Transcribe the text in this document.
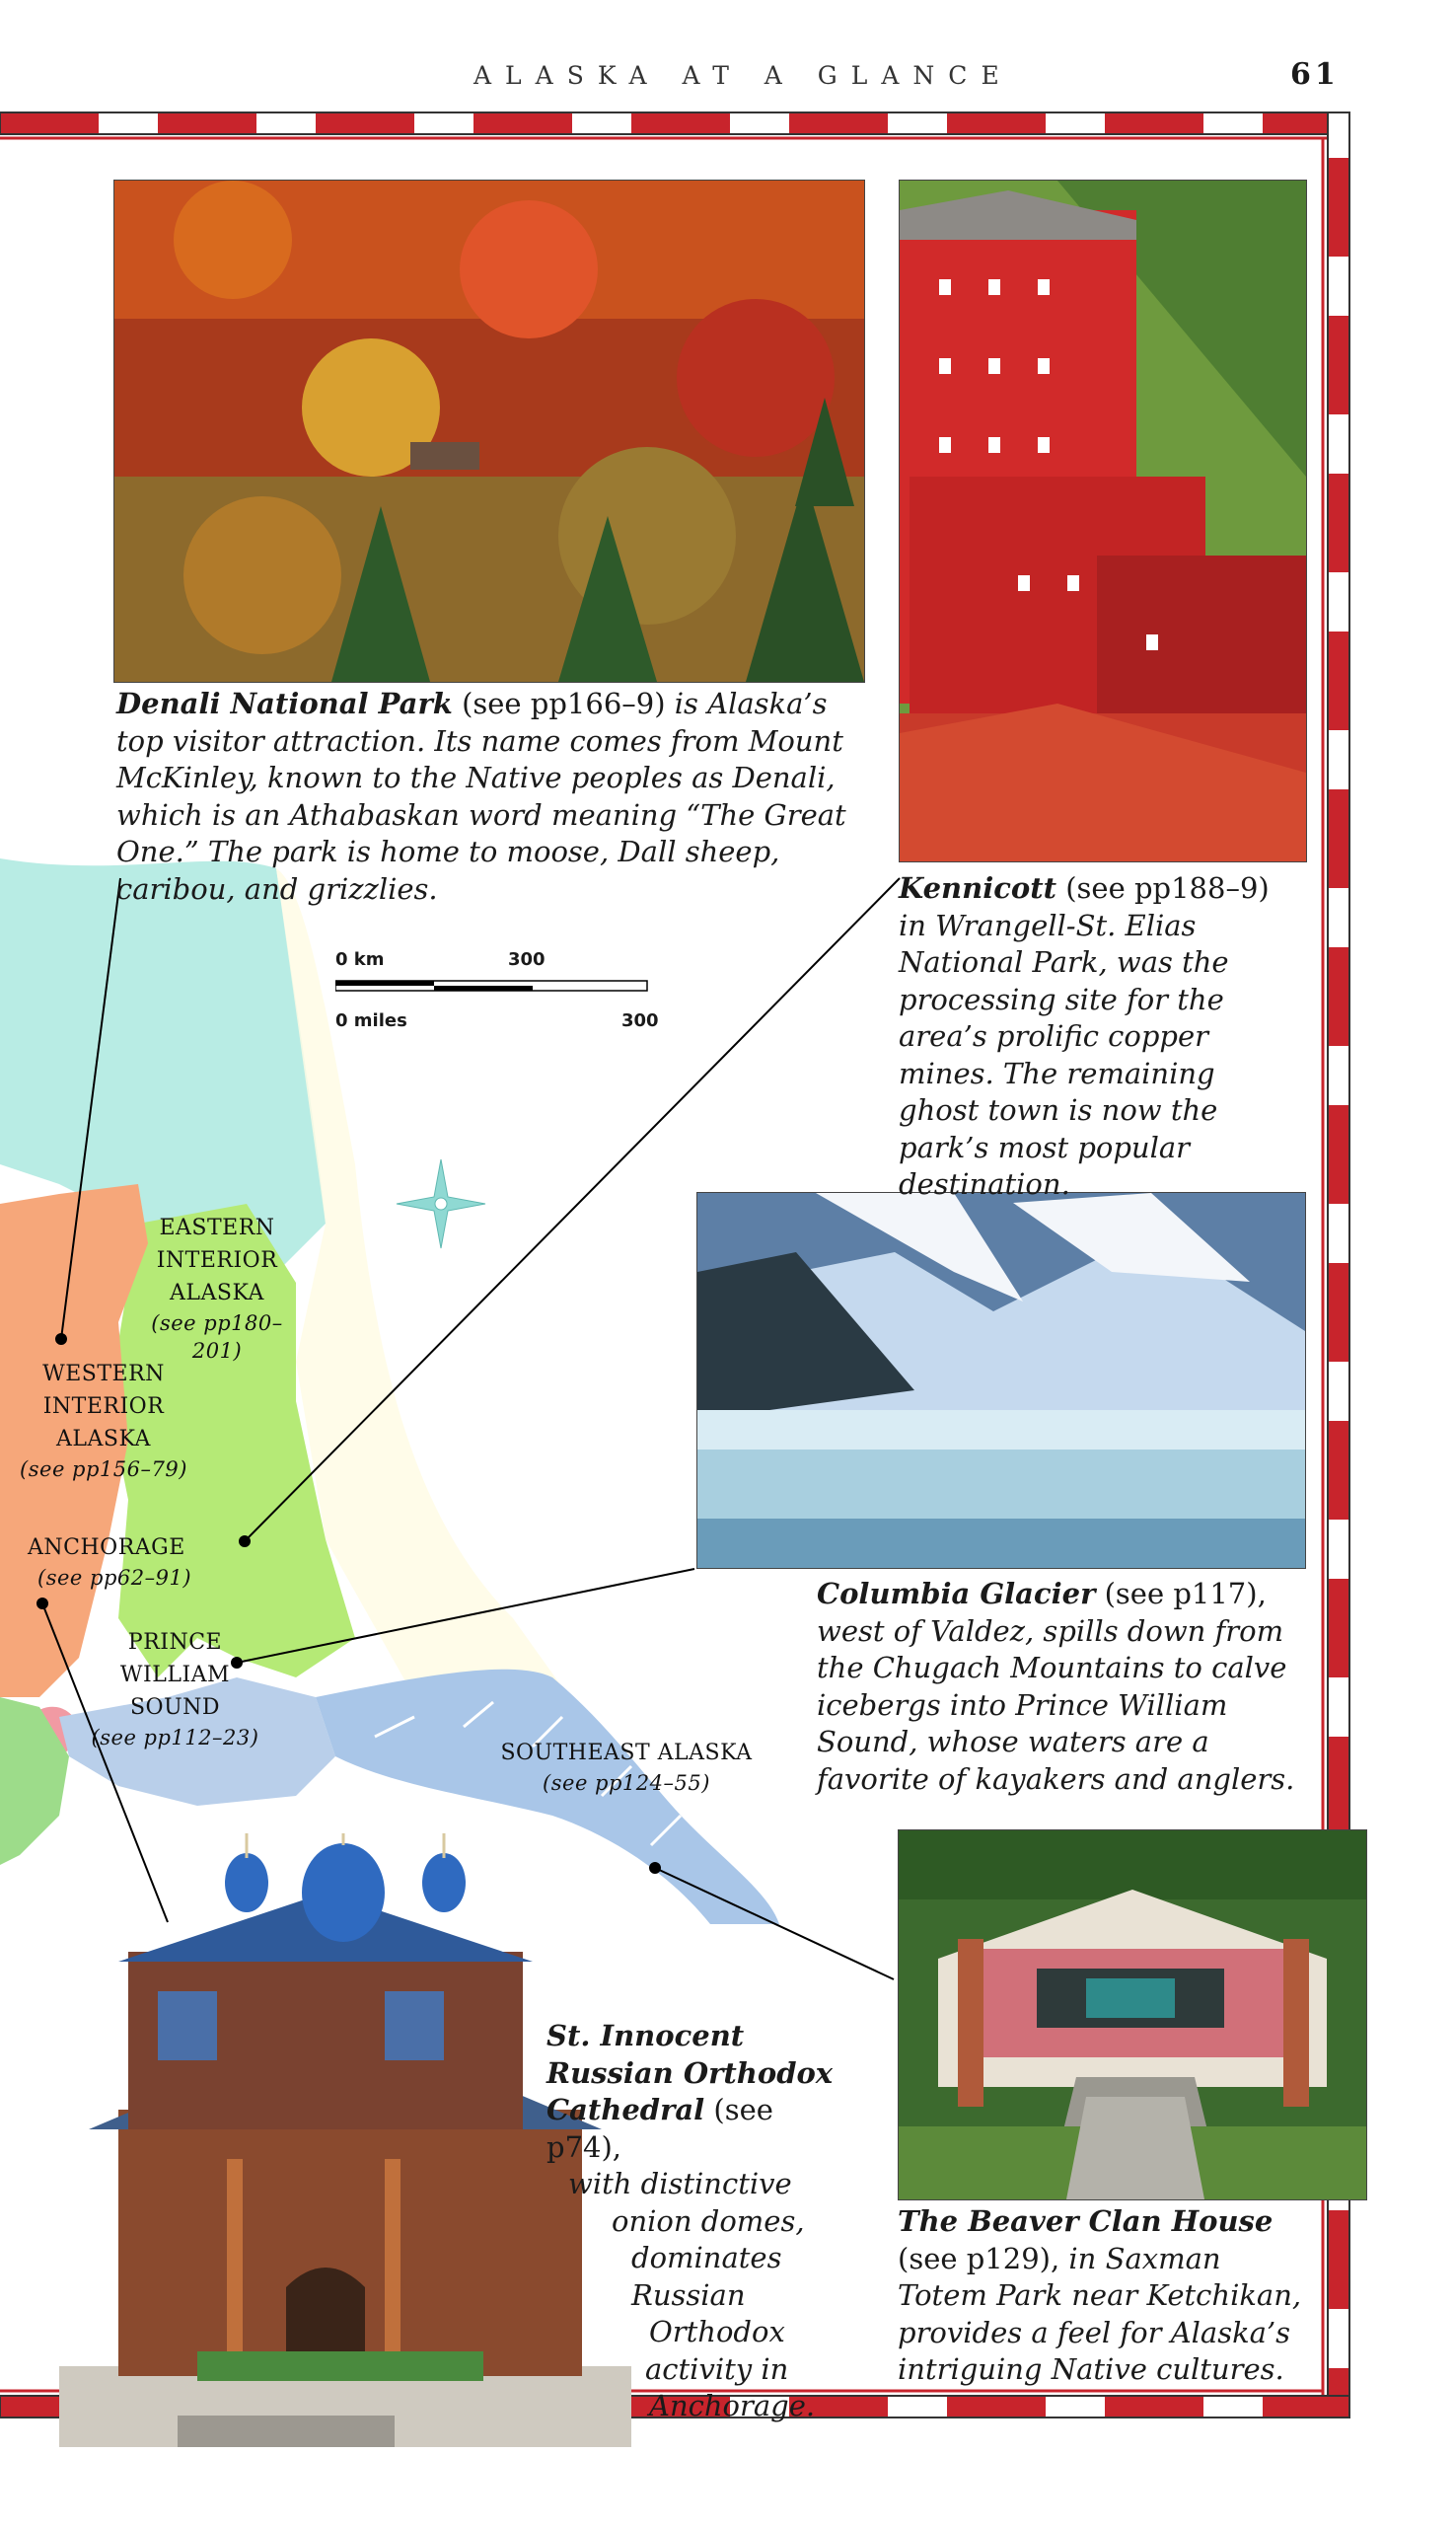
ALASKA AT A GLANCE	61
0 km	300
0 miles	300
EASTERN
INTERIOR
ALASKA
(see pp180–201)
WESTERN
INTERIOR
ALASKA
(see pp156–79)
ANCHORAGE
(see pp62–91)
PRINCE
WILLIAM
SOUND
(see pp112–23)
SOUTHEAST ALASKA
(see pp124–55)
Denali National Park (see pp166–9) is Alaska’s top visitor attraction. Its name comes from Mount McKinley, known to the Native peoples as Denali, which is an Athabaskan word meaning “The Great One.” The park is home to moose, Dall sheep, caribou, and grizzlies.	Kennicott (see pp188–9) in Wrangell-St. Elias National Park, was the processing site for the area’s prolific copper mines. The remaining ghost town is now the park’s most popular destination.
Columbia Glacier (see p117), west of Valdez, spills down from the Chugach Mountains to calve icebergs into Prince William Sound, whose waters are a favorite of kayakers and anglers.
St. Innocent
Russian Orthodox
Cathedral (see p74),
with distinctive
onion domes,
dominates
Russian
Orthodox
activity in
Anchorage.
The Beaver Clan House (see p129), in Saxman Totem Park near Ketchikan, provides a feel for Alaska’s intriguing Native cultures.
